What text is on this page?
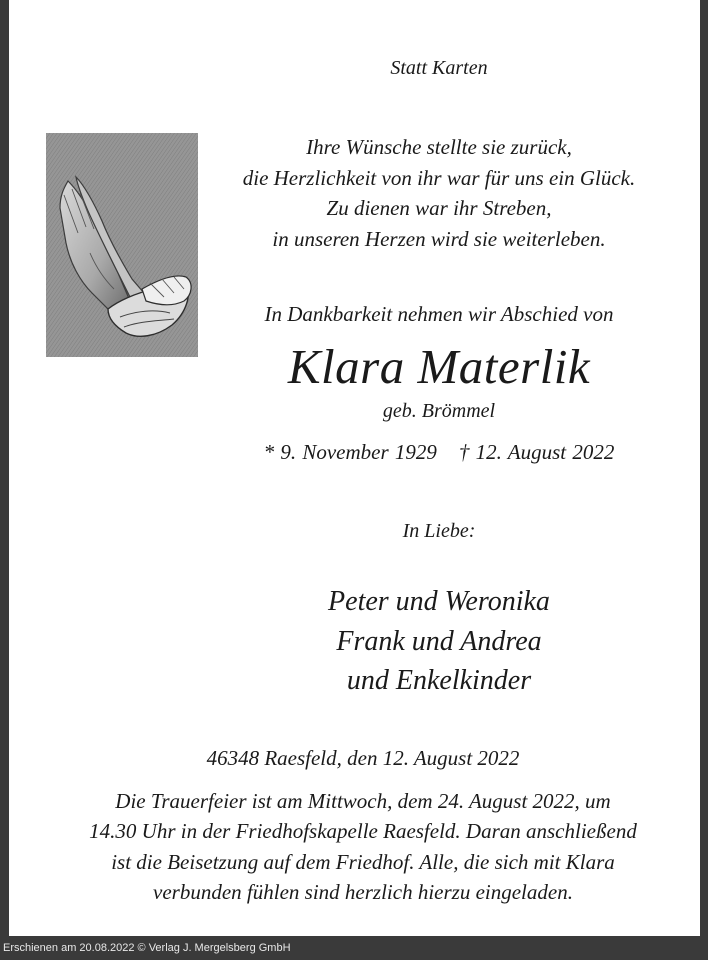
Statt Karten
Ihre Wünsche stellte sie zurück,
die Herzlichkeit von ihr war für uns ein Glück.
Zu dienen war ihr Streben,
in unseren Herzen wird sie weiterleben.
In Dankbarkeit nehmen wir Abschied von
Klara Materlik
geb. Brömmel
* 9. November 1929 † 12. August 2022
In Liebe:
Peter und Weronika
Frank und Andrea
und Enkelkinder
46348 Raesfeld, den 12. August 2022
Die Trauerfeier ist am Mittwoch, dem 24. August 2022, um
14.30 Uhr in der Friedhofskapelle Raesfeld. Daran anschließend
ist die Beisetzung auf dem Friedhof. Alle, die sich mit Klara
verbunden fühlen sind herzlich hierzu eingeladen.
Erschienen am 20.08.2022 © Verlag J. Mergelsberg GmbH
